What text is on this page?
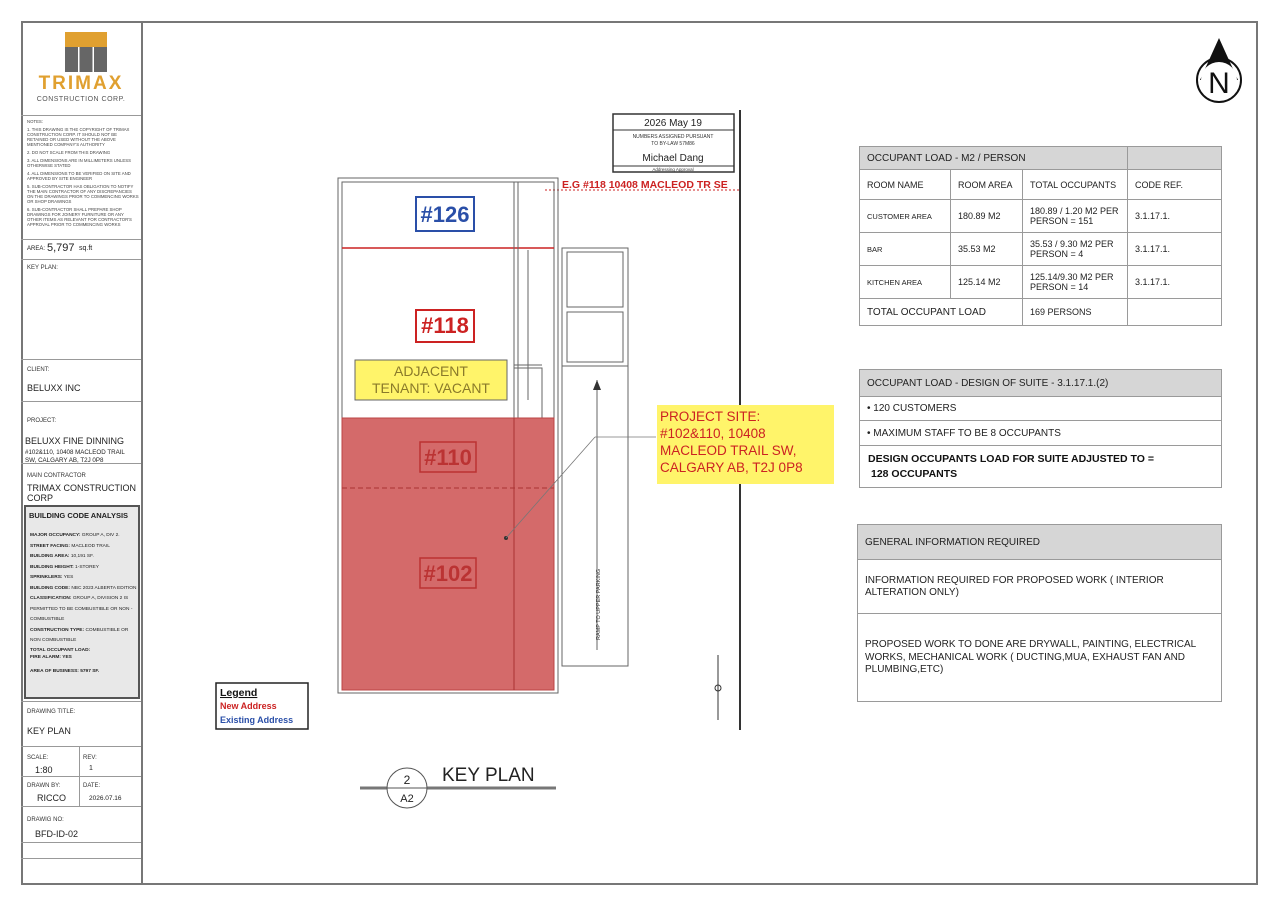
TRIMAX
CONSTRUCTION CORP.

NOTES:

1. THIS DRAWING IS THE COPYRIGHT OF TRIMAX CONSTRUCTION CORP. IT SHOULD NOT BE RETAINED OR USED WITHOUT THE ABOVE MENTIONED COMPANY'S AUTHORITY

2. DO NOT SCALE FROM THIS DRAWING

3. ALL DIMENSIONS ARE IN MILLIMETERS UNLESS OTHERWISE STATED

4. ALL DIMENSIONS TO BE VERIFIED ON SITE AND APPROVED BY SITE ENGINEER

5. SUB-CONTRACTOR HAS OBLIGATION TO NOTIFY THE MAIN CONTRACTOR OF ANY DISCREPANCIES ON THE DRAWINGS PRIOR TO COMMENCING WORKS OR SHOP DRAWINGS

6. SUB-CONTRACTOR SHALL PREPARE SHOP DRAWINGS FOR JOINERY FURNITURE OR ANY OTHER ITEMS AS RELEVANT FOR CONTRACTOR'S APPROVAL PRIOR TO COMMENCING WORKS

AREA: 5,797 sq.ft
KEY PLAN:
CLIENT:
BELUXX INC
PROJECT:
BELUXX FINE DINNING
#102&110, 10408 MACLEOD TRAIL
SW, CALGARY AB, T2J 0P8
MAIN CONTRACTOR
TRIMAX CONSTRUCTION
CORP
BUILDING CODE ANALYSIS
MAJOR OCCUPANCY: GROUP A, DIV 2.
STREET FACING: MACLEOD TRAIL
BUILDING AREA: 10,191 SF.
BUILDING HEIGHT: 1-STOREY
SPRINKLERS: YES
BUILDING CODE: NBC 2023 ALBERTA EDITION
CLASSIFICATION: GROUP A, DIVISION 2 IS PERMITTED TO BE COMBUSTIBLE OR NON -COMBUSTIBLE
CONSTRUCTION TYPE: COMBUSTIBLE OR NON COMBUSTIBLE
TOTAL OCCUPANT LOAD:
FIRE ALARM: YES
AREA OF BUSINESS: 5797 SF.
DRAWING TITLE:
KEY PLAN
SCALE:
1:80
REV:
1
DRAWN BY:
RICCO
DATE:
2026.07.16
DRAWIG NO:
BFD-ID-02
2026 May 19
NUMBERS ASSIGNED PURSUANT
TO BY-LAW 57M86
Michael Dang
Addressing Approval
E.G #118 10408 MACLEOD TR SE
#126
#118
#110
#102
ADJACENT
TENANT: VACANT
PROJECT SITE:
#102&110, 10408
MACLEOD TRAIL SW,
CALGARY AB, T2J 0P8
RAMP TO UPPER PARKING
Legend
New Address
Existing Address
2
A2
KEY PLAN
N
OCCUPANT LOAD - M2 / PERSON			
ROOM NAME	ROOM AREA	TOTAL OCCUPANTS	CODE REF.
CUSTOMER AREA	180.89 M2	180.89 / 1.20 M2 PER PERSON = 151	3.1.17.1.
BAR	35.53 M2	35.53 / 9.30 M2 PER PERSON = 4	3.1.17.1.
KITCHEN AREA	125.14 M2	125.14/9.30 M2 PER PERSON = 14	3.1.17.1.
TOTAL OCCUPANT LOAD		169 PERSONS	
OCCUPANT LOAD - DESIGN OF SUITE - 3.1.17.1.(2)
• 120 CUSTOMERS
• MAXIMUM STAFF TO BE 8 OCCUPANTS
DESIGN OCCUPANTS LOAD FOR SUITE ADJUSTED TO =
128 OCCUPANTS
GENERAL INFORMATION REQUIRED
INFORMATION REQUIRED FOR PROPOSED WORK ( INTERIOR ALTERATION ONLY)
PROPOSED WORK TO DONE ARE DRYWALL, PAINTING, ELECTRICAL WORKS, MECHANICAL WORK ( DUCTING,MUA, EXHAUST FAN AND PLUMBING,ETC)
